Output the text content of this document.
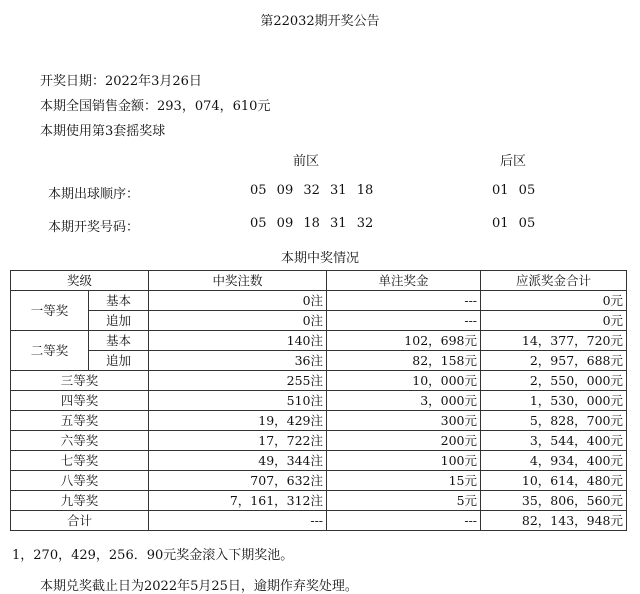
第22032期开奖公告
开奖日期：2022年3月26日
本期全国销售金额：293，074，610元
本期使用第3套摇奖球
前区	后区
本期出球顺序：	05 09 32 31 18	01 05
本期开奖号码：	05 09 18 31 32	01 05
本期中奖情况
奖级		中奖注数	单注奖金	应派奖金合计
一等奖	基本	0注	---	0元
	追加	0注	---	0元
二等奖	基本	140注	102，698元	14，377，720元
	追加	36注	82，158元	2，957，688元
三等奖		255注	10，000元	2，550，000元
四等奖		510注	3，000元	1，530，000元
五等奖		19，429注	300元	5，828，700元
六等奖		17，722注	200元	3，544，400元
七等奖		49，344注	100元	4，934，400元
八等奖		707，632注	15元	10，614，480元
九等奖		7，161，312注	5元	35，806，560元
合计		---	---	82，143，948元
1，270，429，256．90元奖金滚入下期奖池。
本期兑奖截止日为2022年5月25日，逾期作弃奖处理。
